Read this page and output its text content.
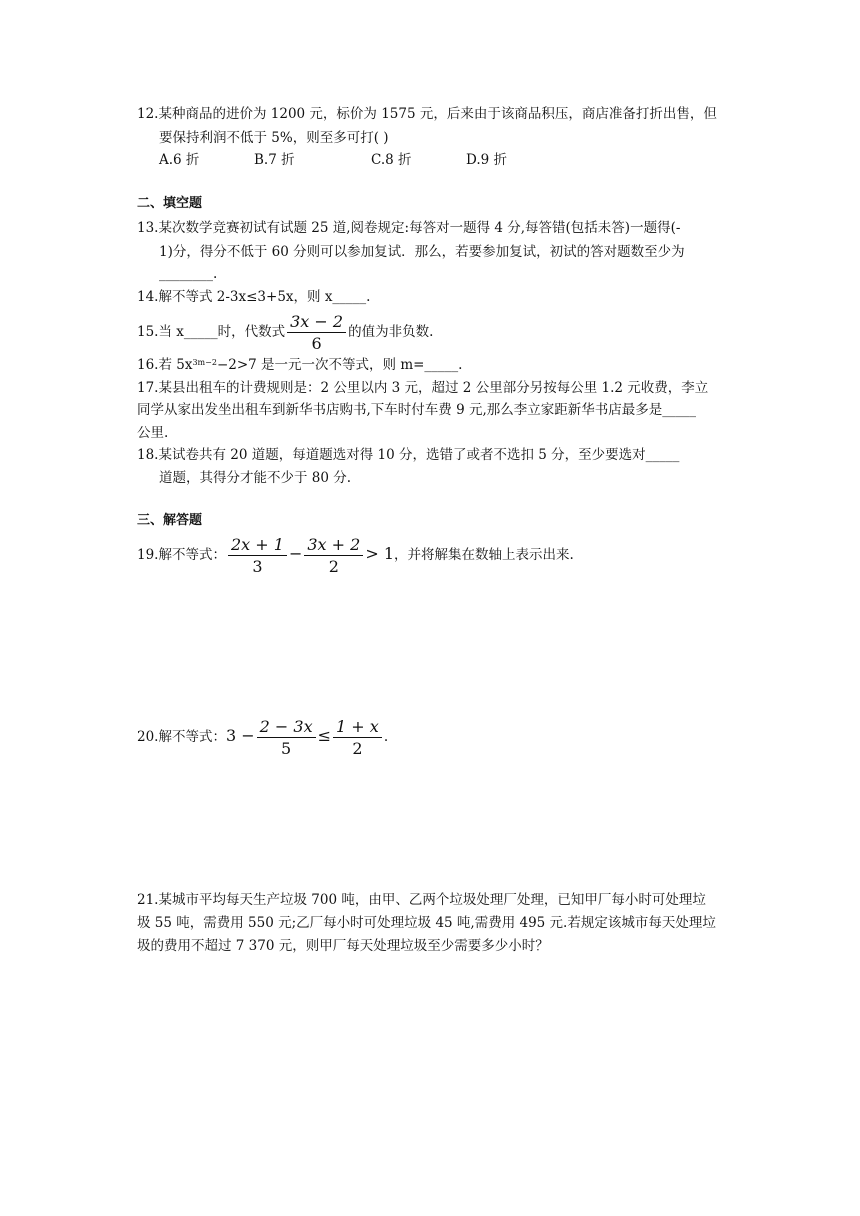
12.某种商品的进价为 1200 元，标价为 1575 元，后来由于该商品积压，商店准备打折出售，但
要保持利润不低于 5%，则至多可打( )
A.6 折	B.7 折	C.8 折	D.9 折
二、填空题
13.某次数学竞赛初试有试题 25 道,阅卷规定:每答对一题得 4 分,每答错(包括未答)一题得(-
1)分，得分不低于 60 分则可以参加复试．那么，若要参加复试，初试的答对题数至少为
________.
14.解不等式 2-3x≤3+5x，则 x_____.
15.当 x_____时，代数式 $\frac{3x - 2}{6}$ 的值为非负数.
16.若 $5x^{3m-2}-2>7$ 是一元一次不等式，则 m=_____.
17.某县出租车的计费规则是：2 公里以内 3 元，超过 2 公里部分另按每公里 1.2 元收费，李立
同学从家出发坐出租车到新华书店购书,下车时付车费 9 元,那么李立家距新华书店最多是_____
公里.
18.某试卷共有 20 道题，每道题选对得 10 分，选错了或者不选扣 5 分，至少要选对_____
道题，其得分才能不少于 80 分.
三、解答题
19.解不等式： $\frac{2x + 1}{3} - \frac{3x + 2}{2} > 1$，并将解集在数轴上表示出来.
20.解不等式：$3 - \frac{2 - 3x}{5} \le \frac{1 + x}{2}$ .
21.某城市平均每天生产垃圾 700 吨，由甲、乙两个垃圾处理厂处理，已知甲厂每小时可处理垃
圾 55 吨，需费用 550 元;乙厂每小时可处理垃圾 45 吨,需费用 495 元.若规定该城市每天处理垃
圾的费用不超过 7 370 元，则甲厂每天处理垃圾至少需要多少小时？
